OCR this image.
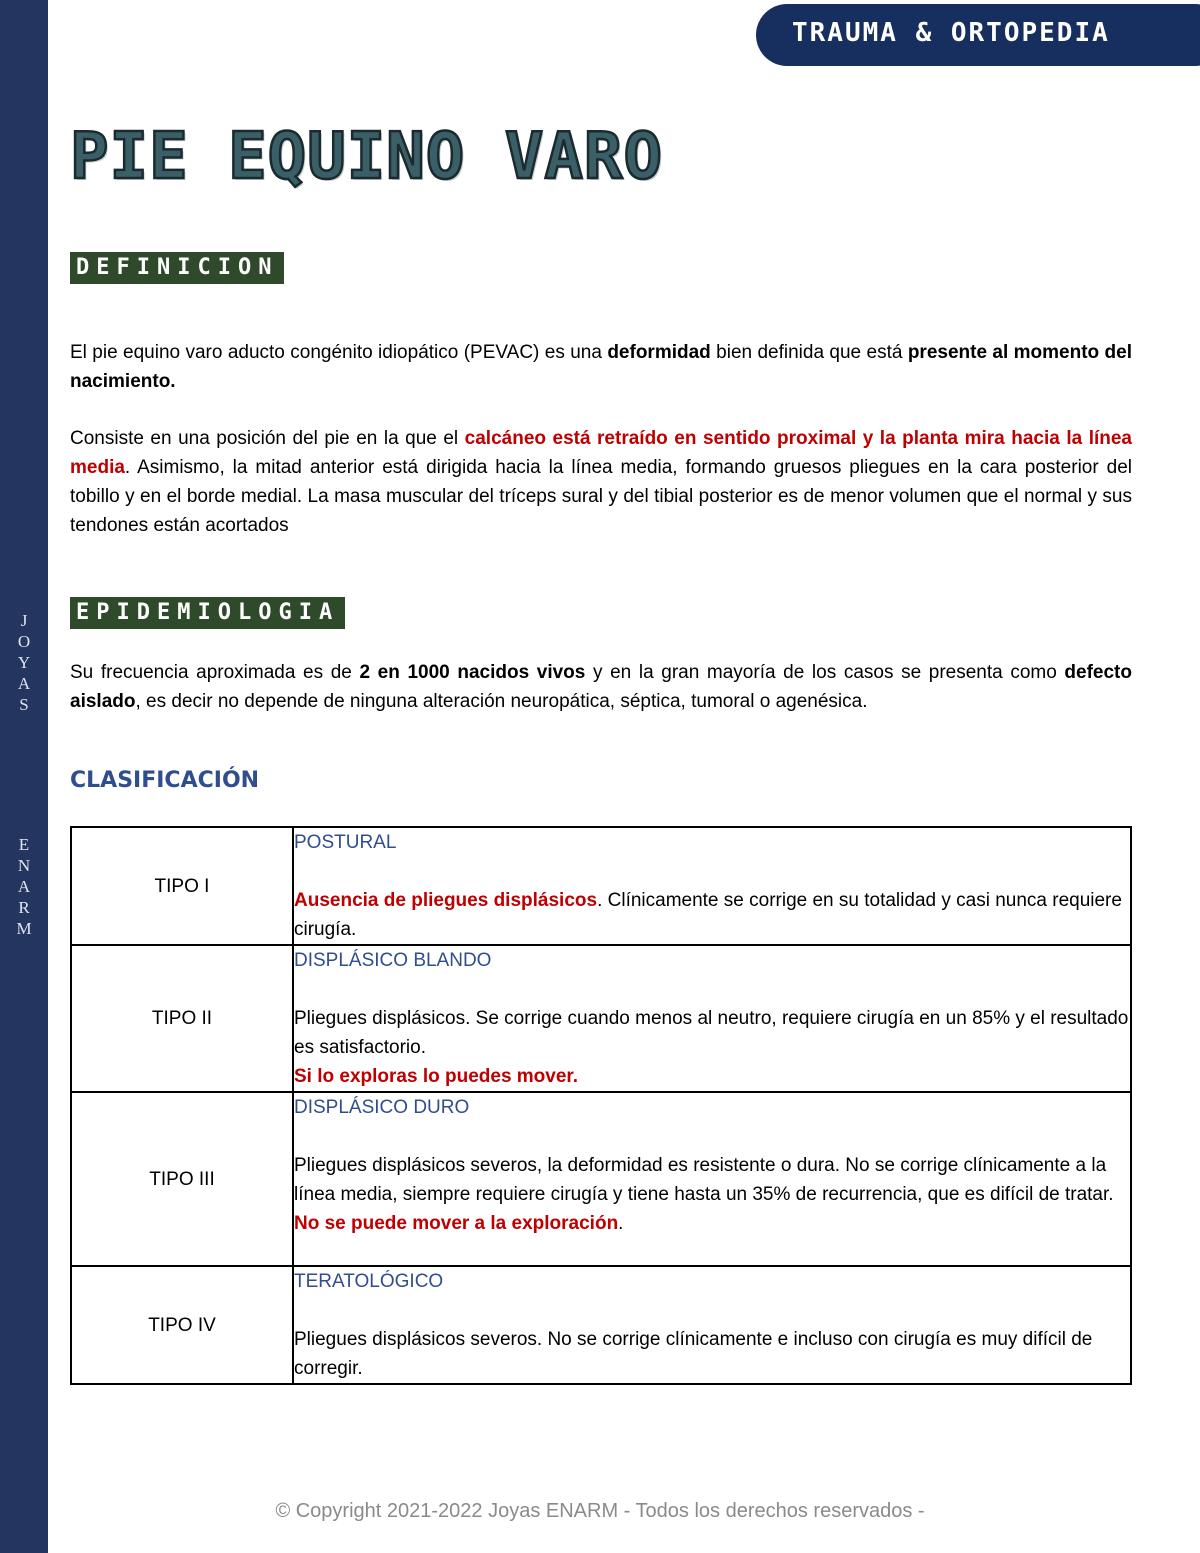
J
O
Y
A
S
E
N
A
R
M
TRAUMA & ORTOPEDIA
PIE EQUINO VARO
DEFINICION

El pie equino varo aducto congénito idiopático (PEVAC) es una deformidad bien definida que está presente al momento del nacimiento.

Consiste en una posición del pie en la que el calcáneo está retraído en sentido proximal y la planta mira hacia la línea media. Asimismo, la mitad anterior está dirigida hacia la línea media, formando gruesos pliegues en la cara posterior del tobillo y en el borde medial. La masa muscular del tríceps sural y del tibial posterior es de menor volumen que el normal y sus tendones están acortados

EPIDEMIOLOGIA

Su frecuencia aproximada es de 2 en 1000 nacidos vivos y en la gran mayoría de los casos se presenta como defecto aislado, es decir no depende de ninguna alteración neuropática, séptica, tumoral o agenésica.

CLASIFICACIÓN
TIPO I	POSTURAL
Ausencia de pliegues displásicos. Clínicamente se corrige en su totalidad y casi nunca requiere cirugía.
TIPO II	DISPLÁSICO BLANDO
Pliegues displásicos. Se corrige cuando menos al neutro, requiere cirugía en un 85% y el resultado es satisfactorio.
Si lo exploras lo puedes mover.
TIPO III	DISPLÁSICO DURO
Pliegues displásicos severos, la deformidad es resistente o dura. No se corrige clínicamente a la línea media, siempre requiere cirugía y tiene hasta un 35% de recurrencia, que es difícil de tratar.
No se puede mover a la exploración.
TIPO IV	TERATOLÓGICO
Pliegues displásicos severos. No se corrige clínicamente e incluso con cirugía es muy difícil de corregir.
© Copyright 2021-2022 Joyas ENARM - Todos los derechos reservados -
